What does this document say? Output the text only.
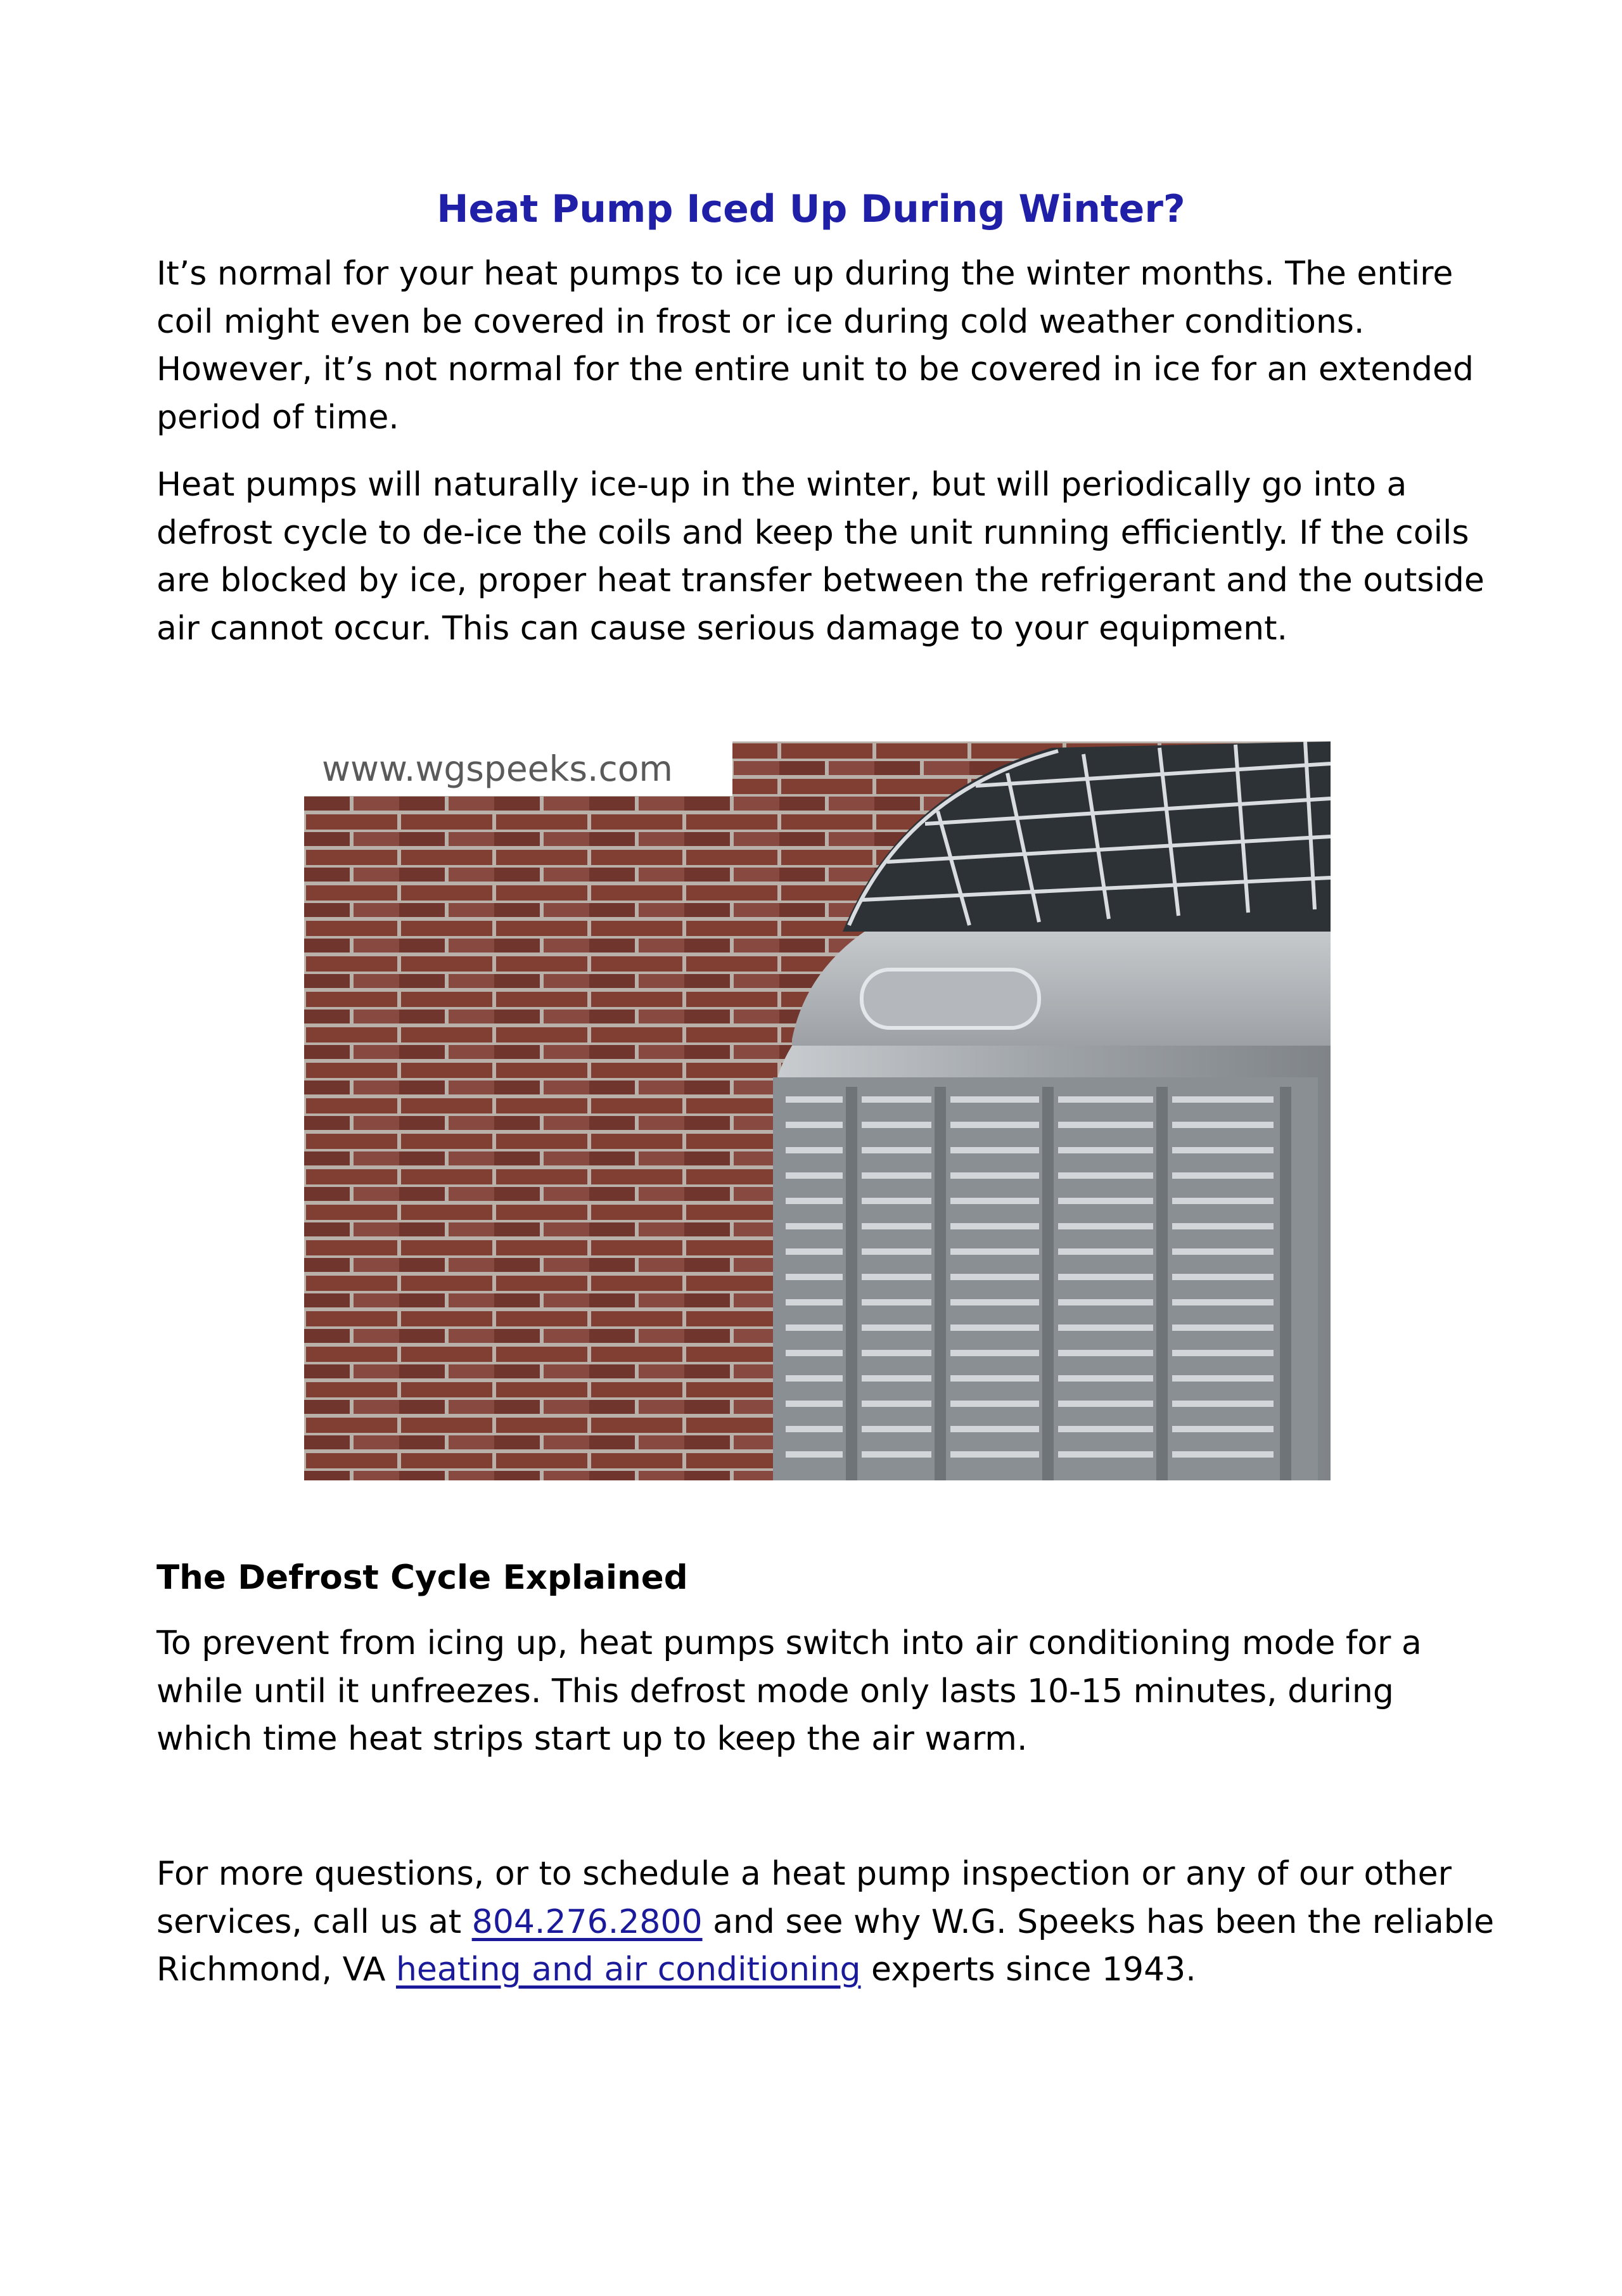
Heat Pump Iced Up During Winter?

It’s normal for your heat pumps to ice up during the winter months. The entire coil might even be covered in frost or ice during cold weather conditions. However, it’s not normal for the entire unit to be covered in ice for an extended period of time.

Heat pumps will naturally ice-up in the winter, but will periodically go into a defrost cycle to de-ice the coils and keep the unit running efficiently. If the coils are blocked by ice, proper heat transfer between the refrigerant and the outside air cannot occur. This can cause serious damage to your equipment.

www.wgspeeks.com
The Defrost Cycle Explained

To prevent from icing up, heat pumps switch into air conditioning mode for a while until it unfreezes. This defrost mode only lasts 10-15 minutes, during which time heat strips start up to keep the air warm.

For more questions, or to schedule a heat pump inspection or any of our other services, call us at 804.276.2800 and see why W.G. Speeks has been the reliable Richmond, VA heating and air conditioning experts since 1943.
